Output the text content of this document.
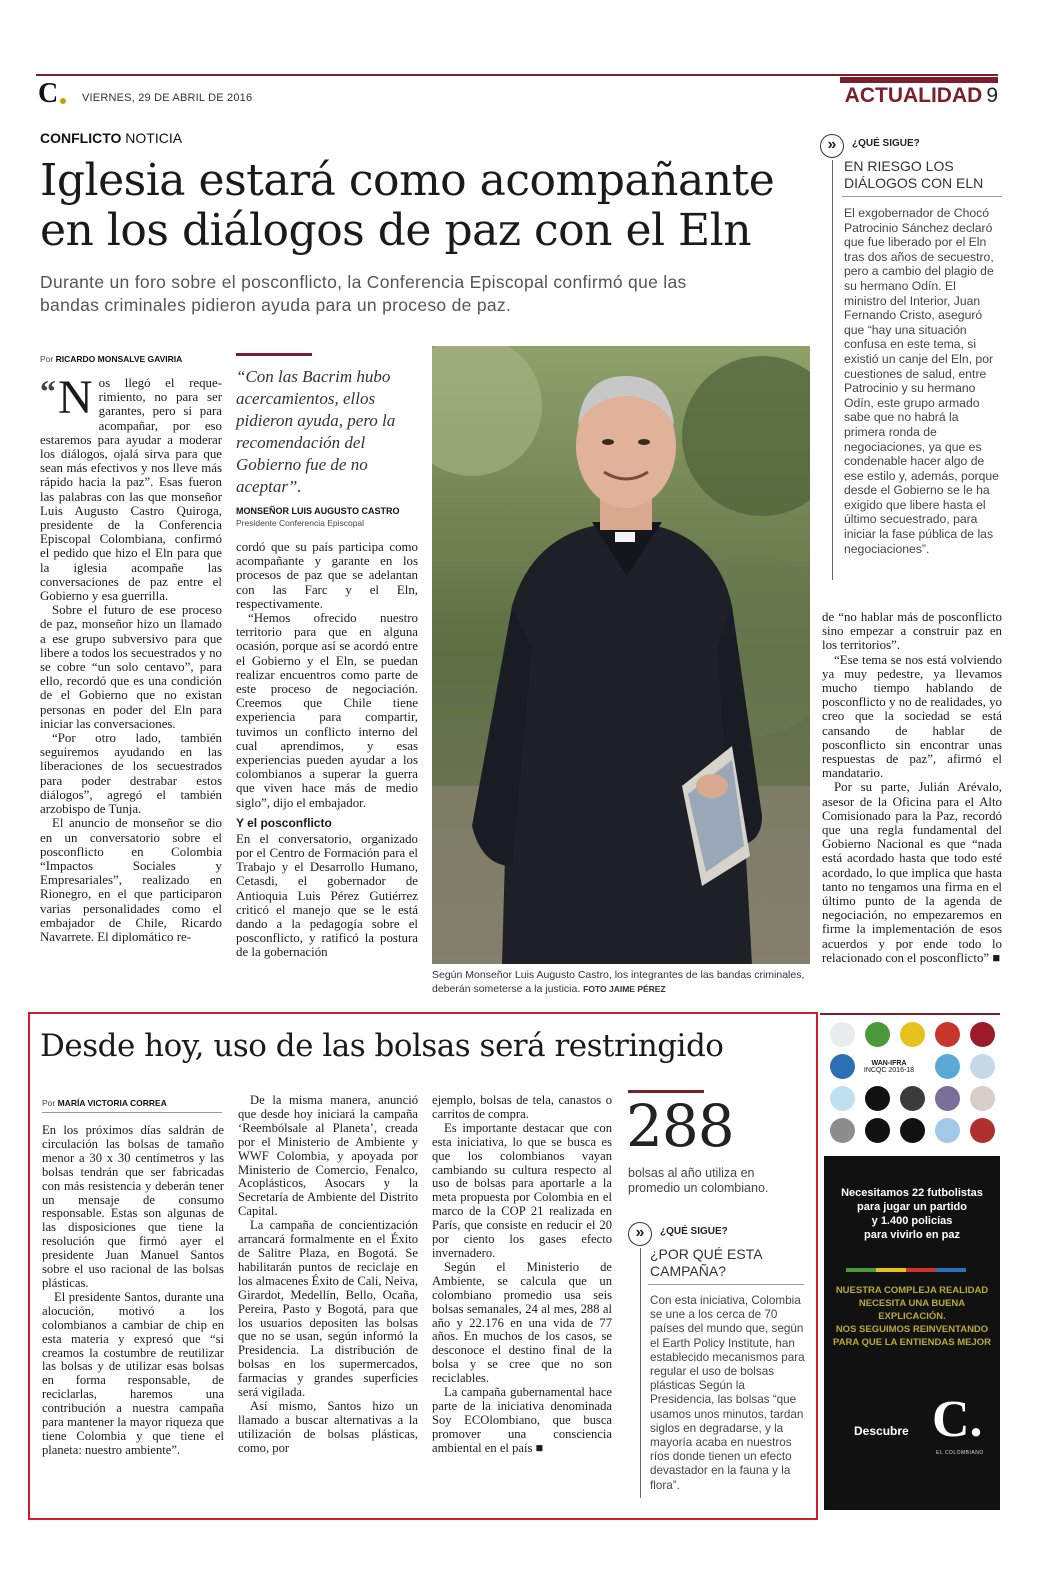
C VIERNES, 29 DE ABRIL DE 2016	ACTUALIDAD 9
CONFLICTO NOTICIA
Iglesia estará como acompañante
en los diálogos de paz con el Eln
Durante un foro sobre el posconflicto, la Conferencia Episcopal confirmó que las
bandas criminales pidieron ayuda para un proceso de paz.
Por RICARDO MONSALVE GAVIRIA

“ N os llegó el reque- rimiento, no para ser garantes, pero si para acompañar, por eso estaremos para ayudar a moderar los diálogos, ojalá sirva para que sean más efectivos y nos lleve más rápido hacia la paz”. Esas fueron las palabras con las que monseñor Luis Augusto Castro Quiroga, presidente de la Conferencia Episcopal Colombiana, confirmó el pedido que hizo el Eln para que la iglesia acompañe las conversaciones de paz entre el Gobierno y esa guerrilla.

Sobre el futuro de ese proceso de paz, monseñor hizo un llamado a ese grupo subversivo para que libere a todos los secuestrados y no se cobre “un solo centavo”, para ello, recordó que es una condición de el Gobierno que no existan personas en poder del Eln para iniciar las conversaciones.

“Por otro lado, también seguiremos ayudando en las liberaciones de los secuestrados para poder destrabar estos diálogos”, agregó el también arzobispo de Tunja.

El anuncio de monseñor se dio en un conversatorio sobre el posconflicto en Colombia “Impactos Sociales y Empresariales”, realizado en Rionegro, en el que participaron varias personalidades como el embajador de Chile, Ricardo Navarrete. El diplomático re-

“Con las Bacrim hubo acercamientos, ellos pidieron ayuda, pero la recomendación del Gobierno fue de no aceptar”.
MONSEÑOR LUIS AUGUSTO CASTRO
Presidente Conferencia Episcopal

cordó que su país participa como acompañante y garante en los procesos de paz que se adelantan con las Farc y el Eln, respectivamente.

“Hemos ofrecido nuestro territorio para que en alguna ocasión, porque así se acordó entre el Gobierno y el Eln, se puedan realizar encuentros como parte de este proceso de negociación. Creemos que Chile tiene experiencia para compartir, tuvimos un conflicto interno del cual aprendimos, y esas experiencias pueden ayudar a los colombianos a superar la guerra que viven hace más de medio siglo”, dijo el embajador.

Y el posconflicto

En el conversatorio, organizado por el Centro de Formación para el Trabajo y el Desarrollo Humano, Cetasdi, el gobernador de Antioquia Luis Pérez Gutiérrez criticó el manejo que se le está dando a la pedagogía sobre el posconflicto, y ratificó la postura de la gobernación

Según Monseñor Luis Augusto Castro, los integrantes de las bandas criminales, deberán someterse a la justicia. FOTO JAIME PÉREZ

de “no hablar más de posconflicto sino empezar a construir paz en los territorios”.

“Ese tema se nos está volviendo ya muy pedestre, ya llevamos mucho tiempo hablando de posconflicto y no de realidades, yo creo que la sociedad se está cansando de hablar de posconflicto sin encontrar unas respuestas de paz”, afirmó el mandatario.

Por su parte, Julián Arévalo, asesor de la Oficina para el Alto Comisionado para la Paz, recordó que una regla fundamental del Gobierno Nacional es que “nada está acordado hasta que todo esté acordado, lo que implica que hasta tanto no tengamos una firma en el último punto de la agenda de negociación, no empezaremos en firme la implementación de esos acuerdos y por ende todo lo relacionado con el posconflicto” ■

»	¿QUÉ SIGUE?
EN RIESGO LOS
DIÁLOGOS CON ELN
El exgobernador de Chocó Patrocinio Sánchez declaró que fue liberado por el Eln tras dos años de secuestro, pero a cambio del plagio de su hermano Odín. El ministro del Interior, Juan Fernando Cristo, aseguró que “hay una situación confusa en este tema, si existió un canje del Eln, por cuestiones de salud, entre Patrocinio y su hermano Odín, este grupo armado sabe que no habrá la primera ronda de negociaciones, ya que es condenable hacer algo de ese estilo y, además, porque desde el Gobierno se le ha exigido que libere hasta el último secuestrado, para iniciar la fase pública de las negociaciones”.
Desde hoy, uso de las bolsas será restringido
Por MARÍA VICTORIA CORREA

En los próximos días saldrán de circulación las bolsas de tamaño menor a 30 x 30 centímetros y las bolsas tendrán que ser fabricadas con más resistencia y deberán tener un mensaje de consumo responsable. Estas son algunas de las disposiciones que tiene la resolución que firmó ayer el presidente Juan Manuel Santos sobre el uso racional de las bolsas plásticas.

El presidente Santos, durante una alocución, motivó a los colombianos a cambiar de chip en esta materia y expresó que “si creamos la costumbre de reutilizar las bolsas y de utilizar esas bolsas en forma responsable, de reciclarlas, haremos una contribución a nuestra campaña para mantener la mayor riqueza que tiene Colombia y que tiene el planeta: nuestro ambiente”.

De la misma manera, anunció que desde hoy iniciará la campaña ‘Reembólsale al Planeta’, creada por el Ministerio de Ambiente y WWF Colombia, y apoyada por Ministerio de Comercio, Fenalco, Acoplásticos, Asocars y la Secretaría de Ambiente del Distrito Capital.

La campaña de concientización arrancará formalmente en el Éxito de Salitre Plaza, en Bogotá. Se habilitarán puntos de reciclaje en los almacenes Éxito de Cali, Neiva, Girardot, Medellín, Bello, Ocaña, Pereira, Pasto y Bogotá, para que los usuarios depositen las bolsas que no se usan, según informó la Presidencia. La distribución de bolsas en los supermercados, farmacias y grandes superficies será vigilada.

Así mismo, Santos hizo un llamado a buscar alternativas a la utilización de bolsas plásticas, como, por

ejemplo, bolsas de tela, canastos o carritos de compra.

Es importante destacar que con esta iniciativa, lo que se busca es que los colombianos vayan cambiando su cultura respecto al uso de bolsas para aportarle a la meta propuesta por Colombia en el marco de la COP 21 realizada en París, que consiste en reducir el 20 por ciento los gases efecto invernadero.

Según el Ministerio de Ambiente, se calcula que un colombiano promedio usa seis bolsas semanales, 24 al mes, 288 al año y 22.176 en una vida de 77 años. En muchos de los casos, se desconoce el destino final de la bolsa y se cree que no son reciclables.

La campaña gubernamental hace parte de la iniciativa denominada Soy ECOlombiano, que busca promover una consciencia ambiental en el país ■

288
bolsas al año utiliza en promedio un colombiano.
»	¿QUÉ SIGUE?
¿POR QUÉ ESTA
CAMPAÑA?
Con esta iniciativa, Colombia se une a los cerca de 70 países del mundo que, según el Earth Policy Institute, han establecido mecanismos para regular el uso de bolsas plásticas Según la Presidencia, las bolsas “que usamos unos minutos, tardan siglos en degradarse, y la mayoría acaba en nuestros ríos donde tienen un efecto devastador en la fauna y la flora”.
WAN-IFRA
INCQC 2016-18
Necesitamos 22 futbolistas
para jugar un partido
y 1.400 policías
para vivirlo en paz
NUESTRA COMPLEJA REALIDAD
NECESITA UNA BUENA EXPLICACIÓN.
NOS SEGUIMOS REINVENTANDO
PARA QUE LA ENTIENDAS MEJOR
Descubre C.
EL COLOMBIANO
